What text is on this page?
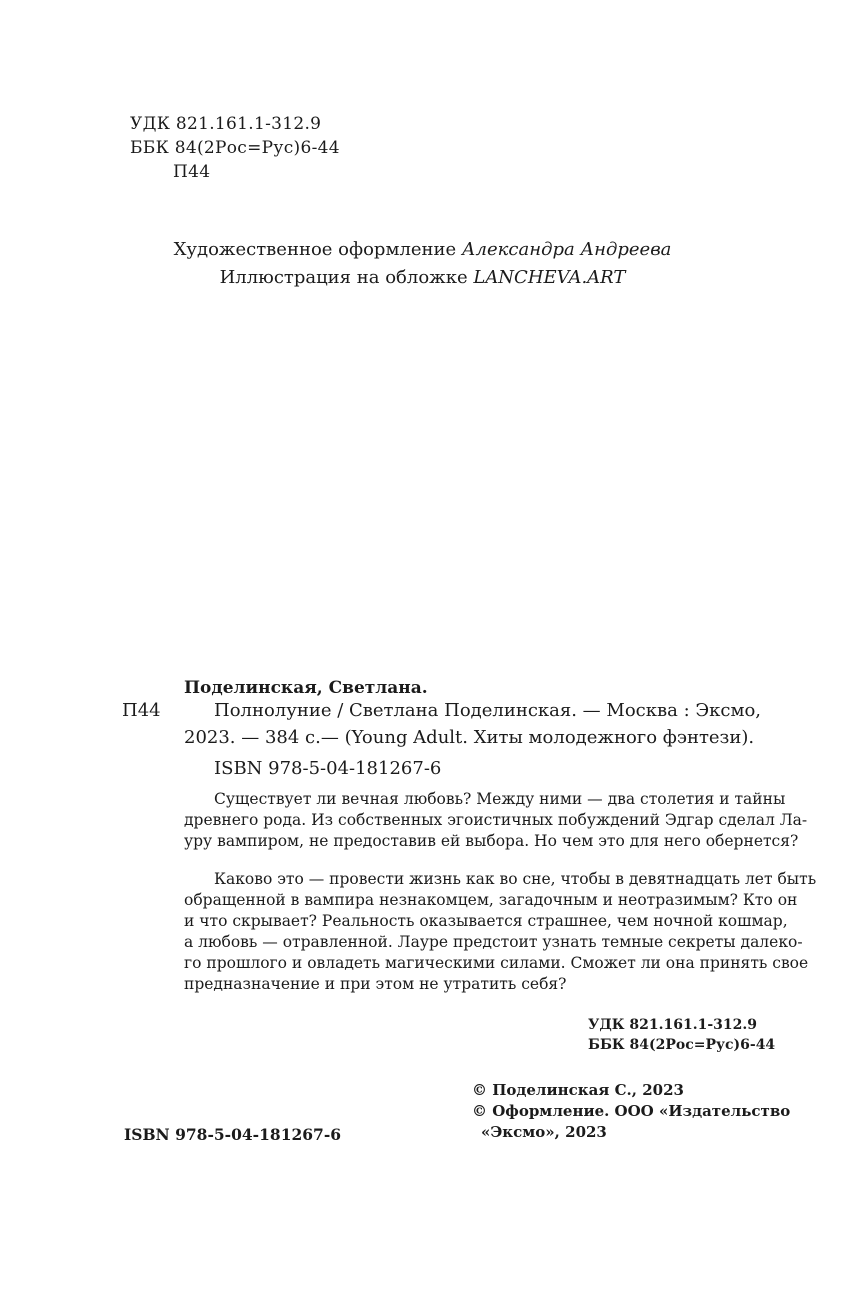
УДК 821.161.1-312.9
ББК 84(2Рос=Рус)6-44
П44
Художественное оформление Александра Андреева
Иллюстрация на обложке LANCHEVA.ART
Поделинская, Светлана.
П44	Полнолуние / Светлана Поделинская. — Москва : Эксмо,
2023. — 384 с.— (Young Adult. Хиты молодежного фэнтези).
ISBN 978-5-04-181267-6
Существует ли вечная любовь? Между ними — два столетия и тайны
древнего рода. Из собственных эгоистичных побуждений Эдгар сделал Ла-
уру вампиром, не предоставив ей выбора. Но чем это для него обернется?
Каково это — провести жизнь как во сне, чтобы в девятнадцать лет быть
обращенной в вампира незнакомцем, загадочным и неотразимым? Кто он
и что скрывает? Реальность оказывается страшнее, чем ночной кошмар,
а любовь — отравленной. Лауре предстоит узнать темные секреты далеко-
го прошлого и овладеть магическими силами. Сможет ли она принять свое
предназначение и при этом не утратить себя?
УДК 821.161.1-312.9
ББК 84(2Рос=Рус)6-44
© Поделинская С., 2023
© Оформление. ООО «Издательство
«Эксмо», 2023
ISBN 978-5-04-181267-6
